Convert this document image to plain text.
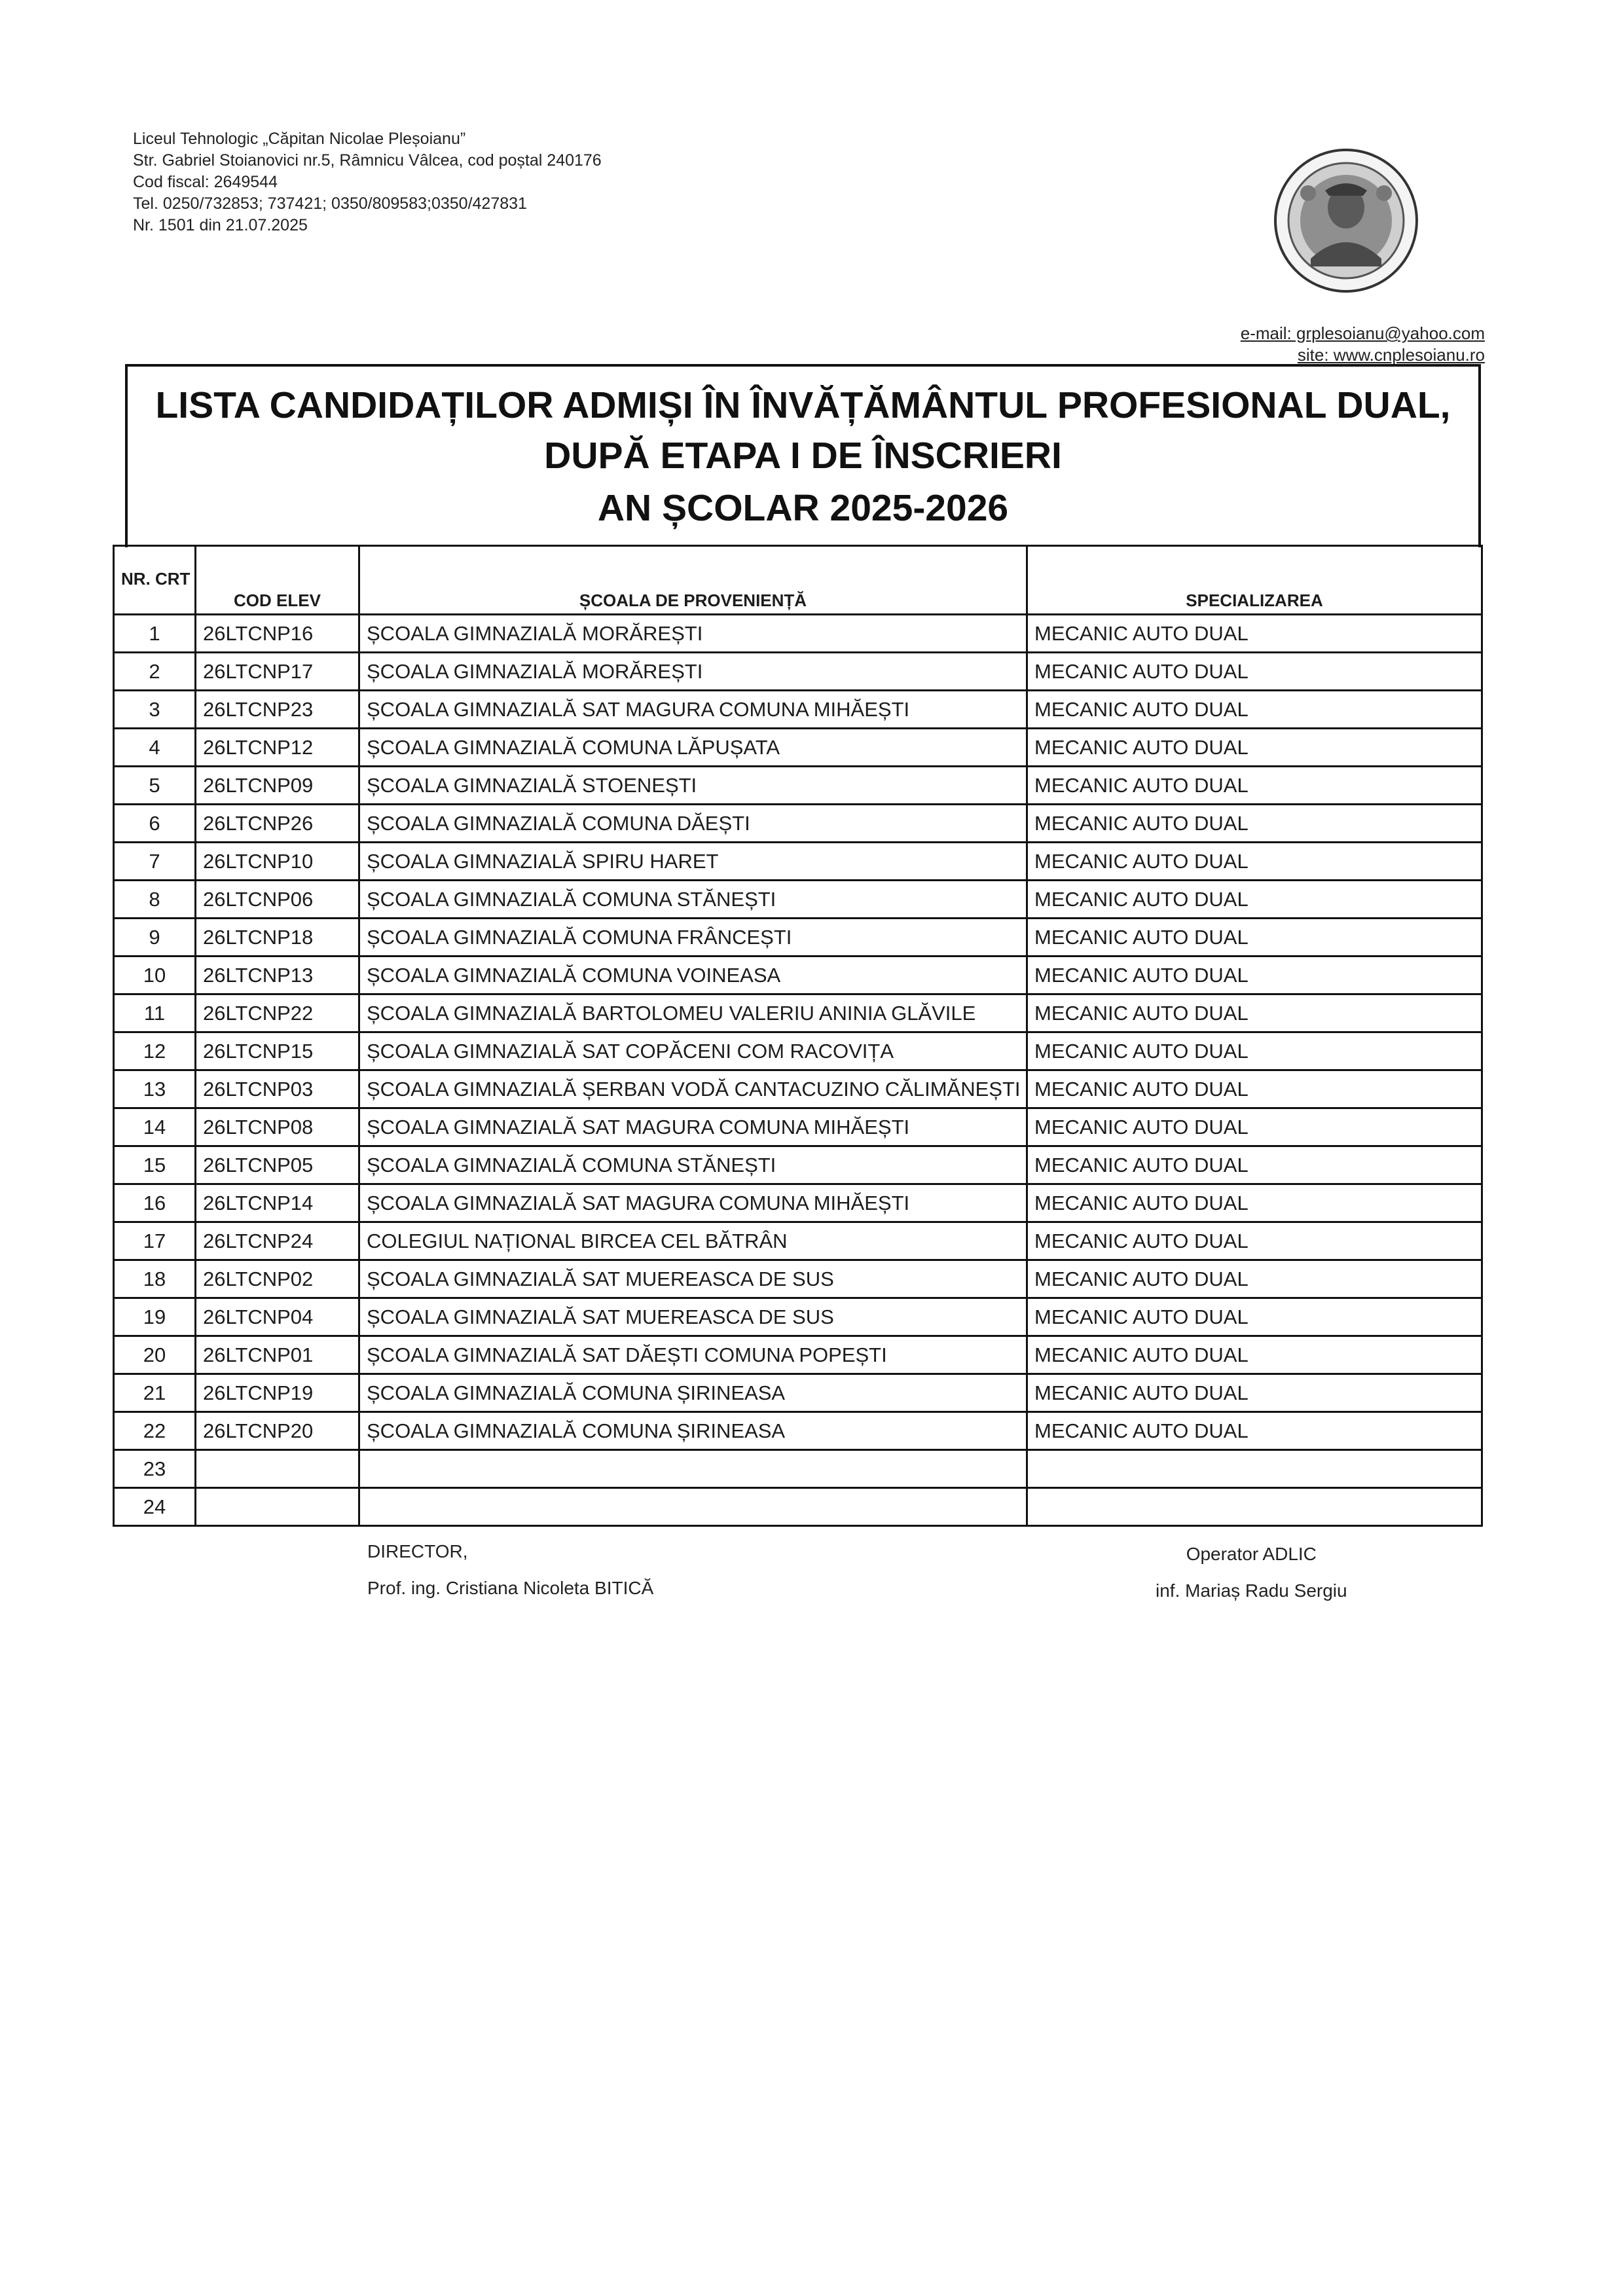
Liceul Tehnologic „Căpitan Nicolae Pleșoianu”
Str. Gabriel Stoianovici nr.5, Râmnicu Vâlcea, cod poștal 240176
Cod fiscal: 2649544
Tel. 0250/732853; 737421; 0350/809583;0350/427831
Nr. 1501 din 21.07.2025
e-mail: grplesoianu@yahoo.com
site: www.cnplesoianu.ro
LISTA CANDIDAȚILOR ADMIȘI ÎN ÎNVĂȚĂMÂNTUL PROFESIONAL DUAL,
DUPĂ ETAPA I DE ÎNSCRIERI
AN ȘCOLAR 2025-2026
NR. CRT	COD ELEV	ȘCOALA DE PROVENIENȚĂ	SPECIALIZAREA
1	26LTCNP16	ȘCOALA GIMNAZIALĂ MORĂREȘTI	MECANIC AUTO DUAL
2	26LTCNP17	ȘCOALA GIMNAZIALĂ MORĂREȘTI	MECANIC AUTO DUAL
3	26LTCNP23	ȘCOALA GIMNAZIALĂ SAT MAGURA COMUNA MIHĂEȘTI	MECANIC AUTO DUAL
4	26LTCNP12	ȘCOALA GIMNAZIALĂ COMUNA LĂPUȘATA	MECANIC AUTO DUAL
5	26LTCNP09	ȘCOALA GIMNAZIALĂ STOENEȘTI	MECANIC AUTO DUAL
6	26LTCNP26	ȘCOALA GIMNAZIALĂ COMUNA DĂEȘTI	MECANIC AUTO DUAL
7	26LTCNP10	ȘCOALA GIMNAZIALĂ SPIRU HARET	MECANIC AUTO DUAL
8	26LTCNP06	ȘCOALA GIMNAZIALĂ COMUNA STĂNEȘTI	MECANIC AUTO DUAL
9	26LTCNP18	ȘCOALA GIMNAZIALĂ COMUNA FRÂNCEȘTI	MECANIC AUTO DUAL
10	26LTCNP13	ȘCOALA GIMNAZIALĂ COMUNA VOINEASA	MECANIC AUTO DUAL
11	26LTCNP22	ȘCOALA GIMNAZIALĂ BARTOLOMEU VALERIU ANINIA GLĂVILE	MECANIC AUTO DUAL
12	26LTCNP15	ȘCOALA GIMNAZIALĂ SAT COPĂCENI COM RACOVIȚA	MECANIC AUTO DUAL
13	26LTCNP03	ȘCOALA GIMNAZIALĂ ȘERBAN VODĂ CANTACUZINO CĂLIMĂNEȘTI	MECANIC AUTO DUAL
14	26LTCNP08	ȘCOALA GIMNAZIALĂ SAT MAGURA COMUNA MIHĂEȘTI	MECANIC AUTO DUAL
15	26LTCNP05	ȘCOALA GIMNAZIALĂ COMUNA STĂNEȘTI	MECANIC AUTO DUAL
16	26LTCNP14	ȘCOALA GIMNAZIALĂ SAT MAGURA COMUNA MIHĂEȘTI	MECANIC AUTO DUAL
17	26LTCNP24	COLEGIUL NAȚIONAL BIRCEA CEL BĂTRÂN	MECANIC AUTO DUAL
18	26LTCNP02	ȘCOALA GIMNAZIALĂ SAT MUEREASCA DE SUS	MECANIC AUTO DUAL
19	26LTCNP04	ȘCOALA GIMNAZIALĂ SAT MUEREASCA DE SUS	MECANIC AUTO DUAL
20	26LTCNP01	ȘCOALA GIMNAZIALĂ SAT DĂEȘTI COMUNA POPEȘTI	MECANIC AUTO DUAL
21	26LTCNP19	ȘCOALA GIMNAZIALĂ COMUNA ȘIRINEASA	MECANIC AUTO DUAL
22	26LTCNP20	ȘCOALA GIMNAZIALĂ COMUNA ȘIRINEASA	MECANIC AUTO DUAL
23			
24			
DIRECTOR,
Prof. ing. Cristiana Nicoleta BITICĂ
Operator ADLIC
inf. Mariaș Radu Sergiu
